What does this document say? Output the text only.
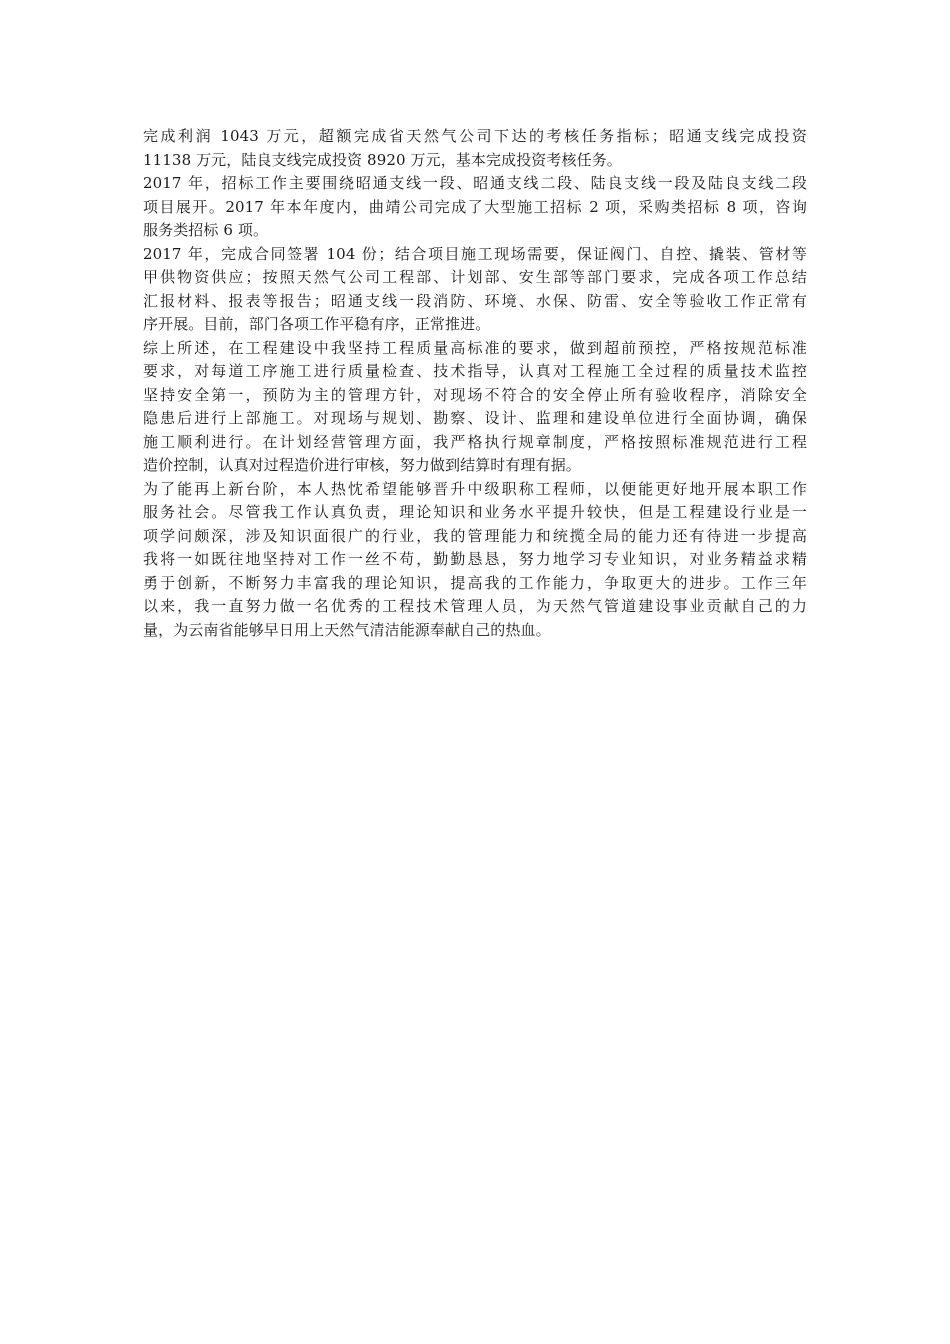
完成利润 1043 万元，超额完成省天然气公司下达的考核任务指标；昭通支线完成投资
11138 万元，陆良支线完成投资 8920 万元，基本完成投资考核任务。
2017 年，招标工作主要围绕昭通支线一段、昭通支线二段、陆良支线一段及陆良支线二段
项目展开。2017 年本年度内，曲靖公司完成了大型施工招标 2 项，采购类招标 8 项，咨询
服务类招标 6 项。
2017 年，完成合同签署 104 份；结合项目施工现场需要，保证阀门、自控、撬装、管材等
甲供物资供应；按照天然气公司工程部、计划部、安生部等部门要求，完成各项工作总结
汇报材料、报表等报告；昭通支线一段消防、环境、水保、防雷、安全等验收工作正常有
序开展。目前，部门各项工作平稳有序，正常推进。
综上所述，在工程建设中我坚持工程质量高标准的要求，做到超前预控，严格按规范标准
要求，对每道工序施工进行质量检查、技术指导，认真对工程施工全过程的质量技术监控
坚持安全第一，预防为主的管理方针，对现场不符合的安全停止所有验收程序，消除安全
隐患后进行上部施工。对现场与规划、勘察、设计、监理和建设单位进行全面协调，确保
施工顺利进行。在计划经营管理方面，我严格执行规章制度，严格按照标准规范进行工程
造价控制，认真对过程造价进行审核，努力做到结算时有理有据。
为了能再上新台阶，本人热忱希望能够晋升中级职称工程师，以便能更好地开展本职工作
服务社会。尽管我工作认真负责，理论知识和业务水平提升较快，但是工程建设行业是一
项学问颇深，涉及知识面很广的行业，我的管理能力和统揽全局的能力还有待进一步提高
我将一如既往地坚持对工作一丝不苟，勤勤恳恳，努力地学习专业知识，对业务精益求精
勇于创新，不断努力丰富我的理论知识，提高我的工作能力，争取更大的进步。工作三年
以来，我一直努力做一名优秀的工程技术管理人员，为天然气管道建设事业贡献自己的力
量，为云南省能够早日用上天然气清洁能源奉献自己的热血。
